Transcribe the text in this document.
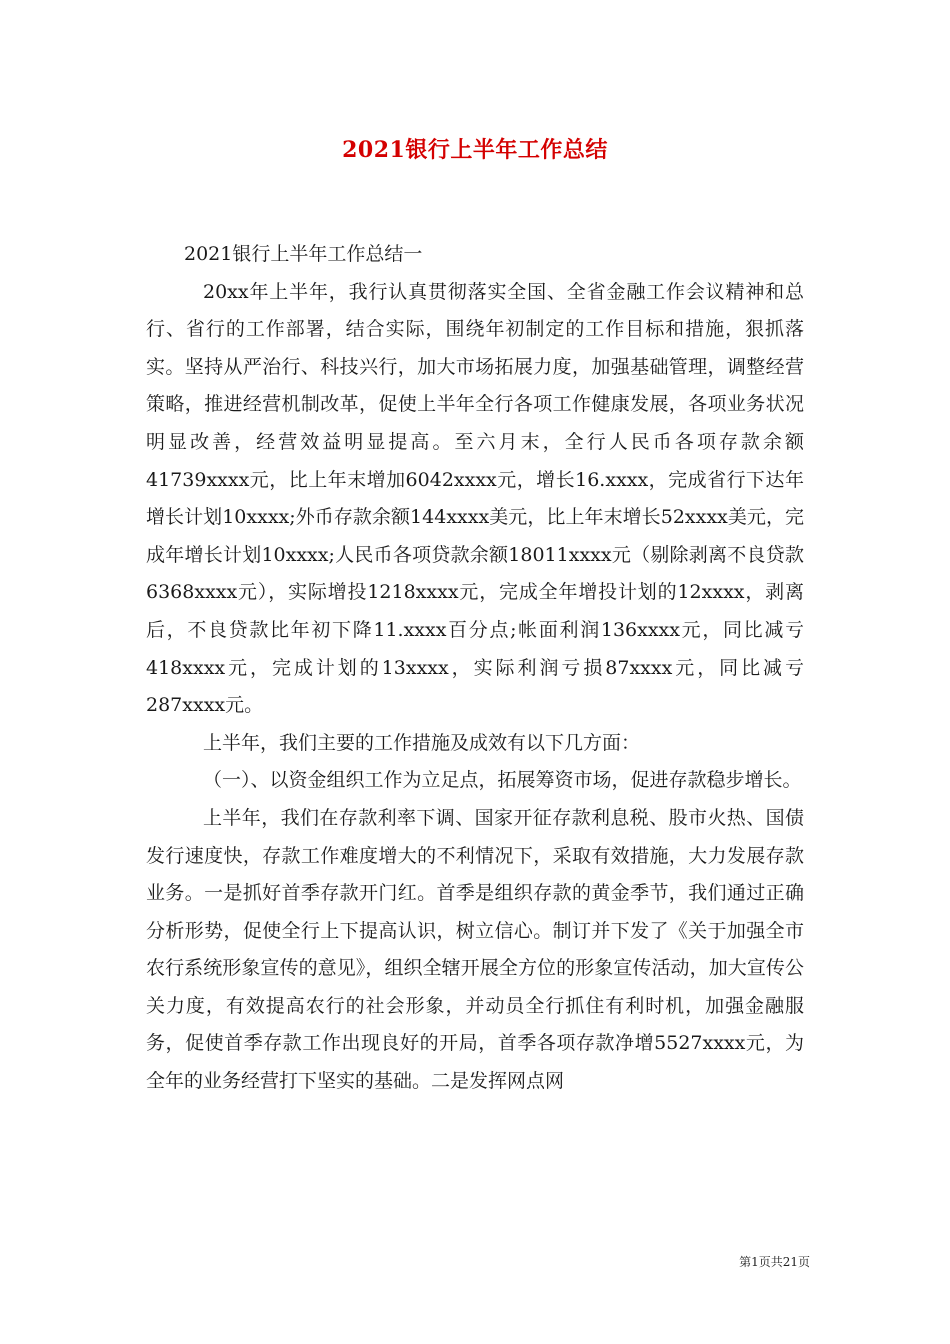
2021银行上半年工作总结

2021银行上半年工作总结一

20xx年上半年，我行认真贯彻落实全国、全省金融工作会议精神和总行、省行的工作部署，结合实际，围绕年初制定的工作目标和措施，狠抓落实。坚持从严治行、科技兴行，加大市场拓展力度，加强基础管理，调整经营策略，推进经营机制改革，促使上半年全行各项工作健康发展，各项业务状况明显改善，经营效益明显提高。至六月末，全行人民币各项存款余额41739xxxx元，比上年末增加6042xxxx元，增长16.xxxx，完成省行下达年增长计划10xxxx;外币存款余额144xxxx美元，比上年末增长52xxxx美元，完成年增长计划10xxxx;人民币各项贷款余额18011xxxx元（剔除剥离不良贷款6368xxxx元），实际增投1218xxxx元，完成全年增投计划的12xxxx，剥离后，不良贷款比年初下降11.xxxx百分点;帐面利润136xxxx元，同比减亏418xxxx元，完成计划的13xxxx，实际利润亏损87xxxx元，同比减亏287xxxx元。

上半年，我们主要的工作措施及成效有以下几方面：

（一）、以资金组织工作为立足点，拓展筹资市场，促进存款稳步增长。

上半年，我们在存款利率下调、国家开征存款利息税、股市火热、国债发行速度快，存款工作难度增大的不利情况下，采取有效措施，大力发展存款业务。一是抓好首季存款开门红。首季是组织存款的黄金季节，我们通过正确分析形势，促使全行上下提高认识，树立信心。制订并下发了《关于加强全市农行系统形象宣传的意见》，组织全辖开展全方位的形象宣传活动，加大宣传公关力度，有效提高农行的社会形象，并动员全行抓住有利时机，加强金融服务，促使首季存款工作出现良好的开局，首季各项存款净增5527xxxx元，为全年的业务经营打下坚实的基础。二是发挥网点网

第1页共21页
